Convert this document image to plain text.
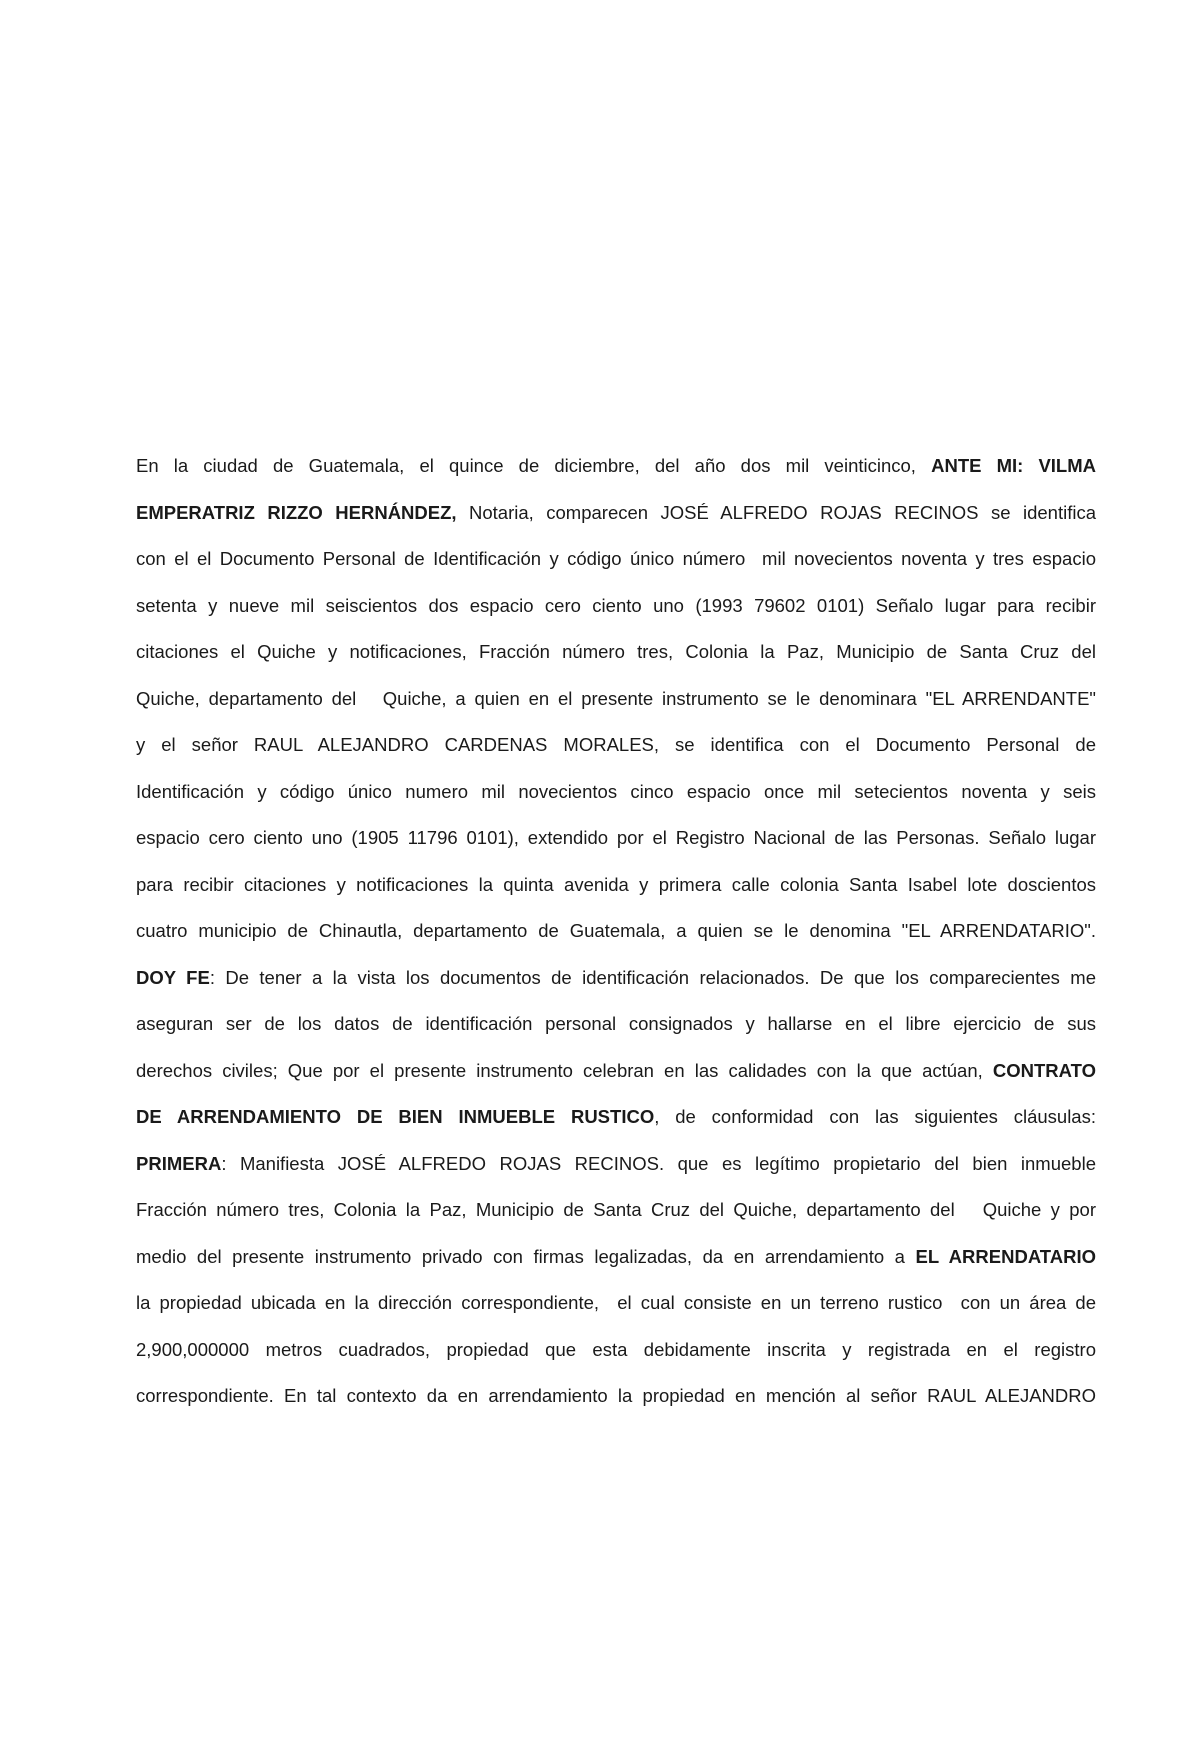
En la ciudad de Guatemala, el quince de diciembre, del año dos mil veinticinco, ANTE MI: VILMA
EMPERATRIZ RIZZO HERNÁNDEZ, Notaria, comparecen JOSÉ ALFREDO ROJAS RECINOS se identifica
con el el Documento Personal de Identificación y código único número  mil novecientos noventa y tres espacio
setenta y nueve mil seiscientos dos espacio cero ciento uno (1993 79602 0101) Señalo lugar para recibir
citaciones el Quiche y notificaciones, Fracción número tres, Colonia la Paz, Municipio de Santa Cruz del
Quiche, departamento del   Quiche, a quien en el presente instrumento se le denominara "EL ARRENDANTE"
y el señor RAUL ALEJANDRO CARDENAS MORALES, se identifica con el Documento Personal de
Identificación y código único numero mil novecientos cinco espacio once mil setecientos noventa y seis
espacio cero ciento uno (1905 11796 0101), extendido por el Registro Nacional de las Personas. Señalo lugar
para recibir citaciones y notificaciones la quinta avenida y primera calle colonia Santa Isabel lote doscientos
cuatro municipio de Chinautla, departamento de Guatemala, a quien se le denomina "EL ARRENDATARIO".
DOY FE: De tener a la vista los documentos de identificación relacionados. De que los comparecientes me
aseguran ser de los datos de identificación personal consignados y hallarse en el libre ejercicio de sus
derechos civiles; Que por el presente instrumento celebran en las calidades con la que actúan, CONTRATO
DE ARRENDAMIENTO DE BIEN INMUEBLE RUSTICO, de conformidad con las siguientes cláusulas:
PRIMERA: Manifiesta JOSÉ ALFREDO ROJAS RECINOS. que es legítimo propietario del bien inmueble
Fracción número tres, Colonia la Paz, Municipio de Santa Cruz del Quiche, departamento del   Quiche y por
medio del presente instrumento privado con firmas legalizadas, da en arrendamiento a EL ARRENDATARIO
la propiedad ubicada en la dirección correspondiente,  el cual consiste en un terreno rustico  con un área de
2,900,000000 metros cuadrados, propiedad que esta debidamente inscrita y registrada en el registro
correspondiente. En tal contexto da en arrendamiento la propiedad en mención al señor RAUL ALEJANDRO
